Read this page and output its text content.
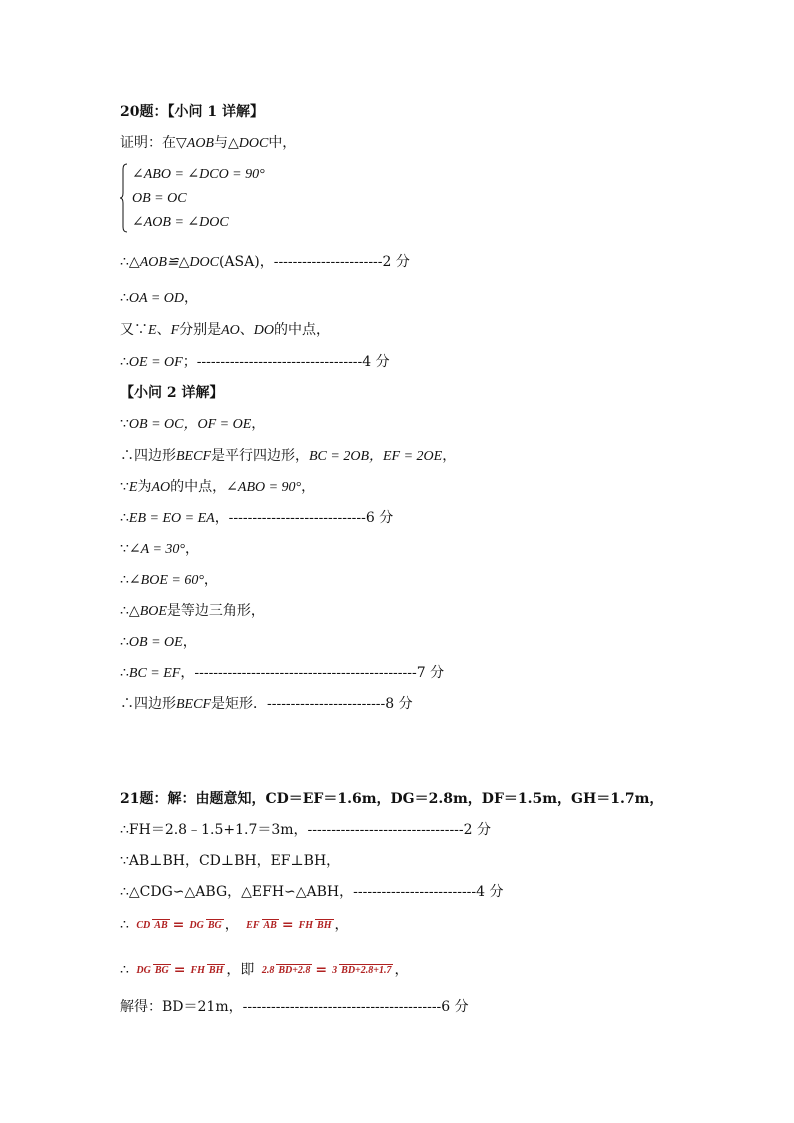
20题：【小问 1 详解】
证明：在▽AOB与△DOC中，
∠ABO = ∠DCO = 90°
OB = OC
∠AOB = ∠DOC
∴△AOB≌△DOC(ASA)，-----------------------2 分
∴OA = OD，
又∵E、F分别是AO、DO的中点，
∴OE = OF；-----------------------------------4 分
【小问 2 详解】
∵OB = OC，OF = OE，
∴四边形BECF是平行四边形，BC = 2OB，EF = 2OE，
∵E为AO的中点，∠ABO = 90°，
∴EB = EO = EA，-----------------------------6 分
∵∠A = 30°，
∴∠BOE = 60°，
∴△BOE是等边三角形，
∴OB = OE，
∴BC = EF，-----------------------------------------------7 分
∴四边形BECF是矩形．-------------------------8 分
21题：解：由题意知，CD＝EF＝1.6m，DG＝2.8m，DF＝1.5m，GH＝1.7m，
∴FH＝2.8﹣1.5+1.7＝3m，---------------------------------2 分
∵AB⊥BH，CD⊥BH，EF⊥BH，
∴△CDG∽△ABG，△EFH∽△ABH，--------------------------4 分
∴ CD AB = DG BG ， EF AB = FH BH ，
∴ DG BG = FH BH ，即 2.8 BD+2.8 = 3 BD+2.8+1.7 ，
解得：BD＝21m，------------------------------------------6 分
